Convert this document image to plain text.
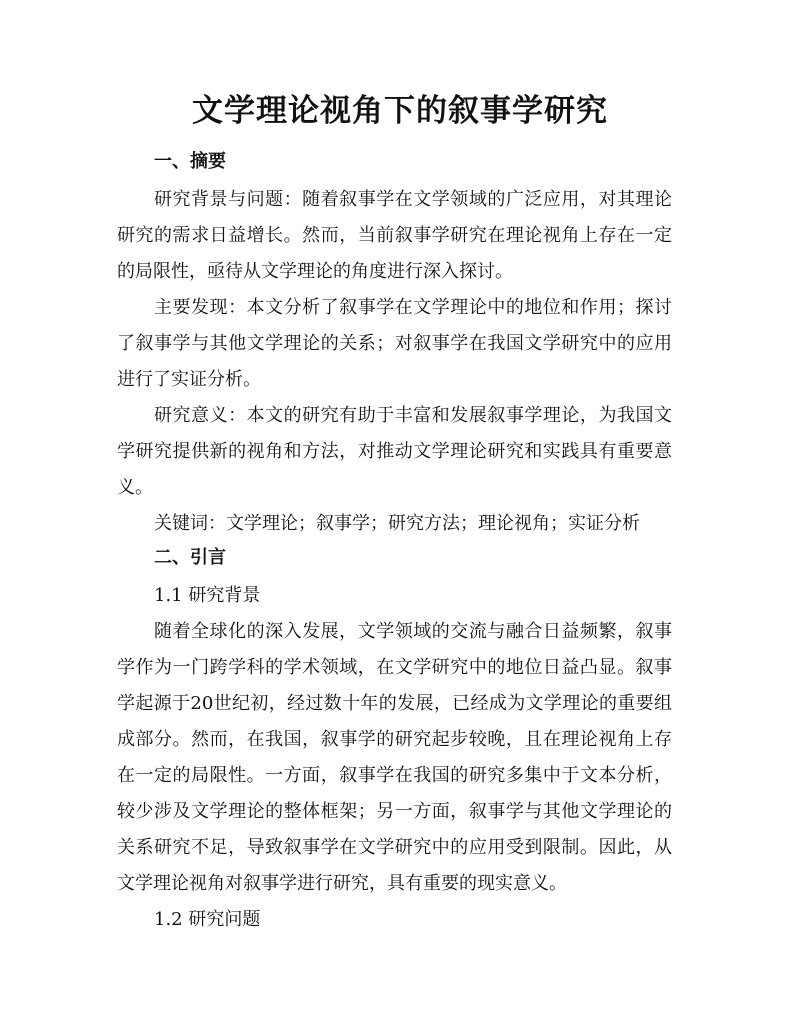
文学理论视角下的叙事学研究
一、摘要

研究背景与问题：随着叙事学在文学领域的广泛应用，对其理论研究的需求日益增长。然而，当前叙事学研究在理论视角上存在一定的局限性，亟待从文学理论的角度进行深入探讨。

主要发现：本文分析了叙事学在文学理论中的地位和作用；探讨了叙事学与其他文学理论的关系；对叙事学在我国文学研究中的应用进行了实证分析。

研究意义：本文的研究有助于丰富和发展叙事学理论，为我国文学研究提供新的视角和方法，对推动文学理论研究和实践具有重要意义。

关键词：文学理论；叙事学；研究方法；理论视角；实证分析

二、引言

1.1 研究背景

随着全球化的深入发展，文学领域的交流与融合日益频繁，叙事学作为一门跨学科的学术领域，在文学研究中的地位日益凸显。叙事学起源于20世纪初，经过数十年的发展，已经成为文学理论的重要组成部分。然而，在我国，叙事学的研究起步较晚，且在理论视角上存在一定的局限性。一方面，叙事学在我国的研究多集中于文本分析，较少涉及文学理论的整体框架；另一方面，叙事学与其他文学理论的关系研究不足，导致叙事学在文学研究中的应用受到限制。因此，从文学理论视角对叙事学进行研究，具有重要的现实意义。

1.2 研究问题
